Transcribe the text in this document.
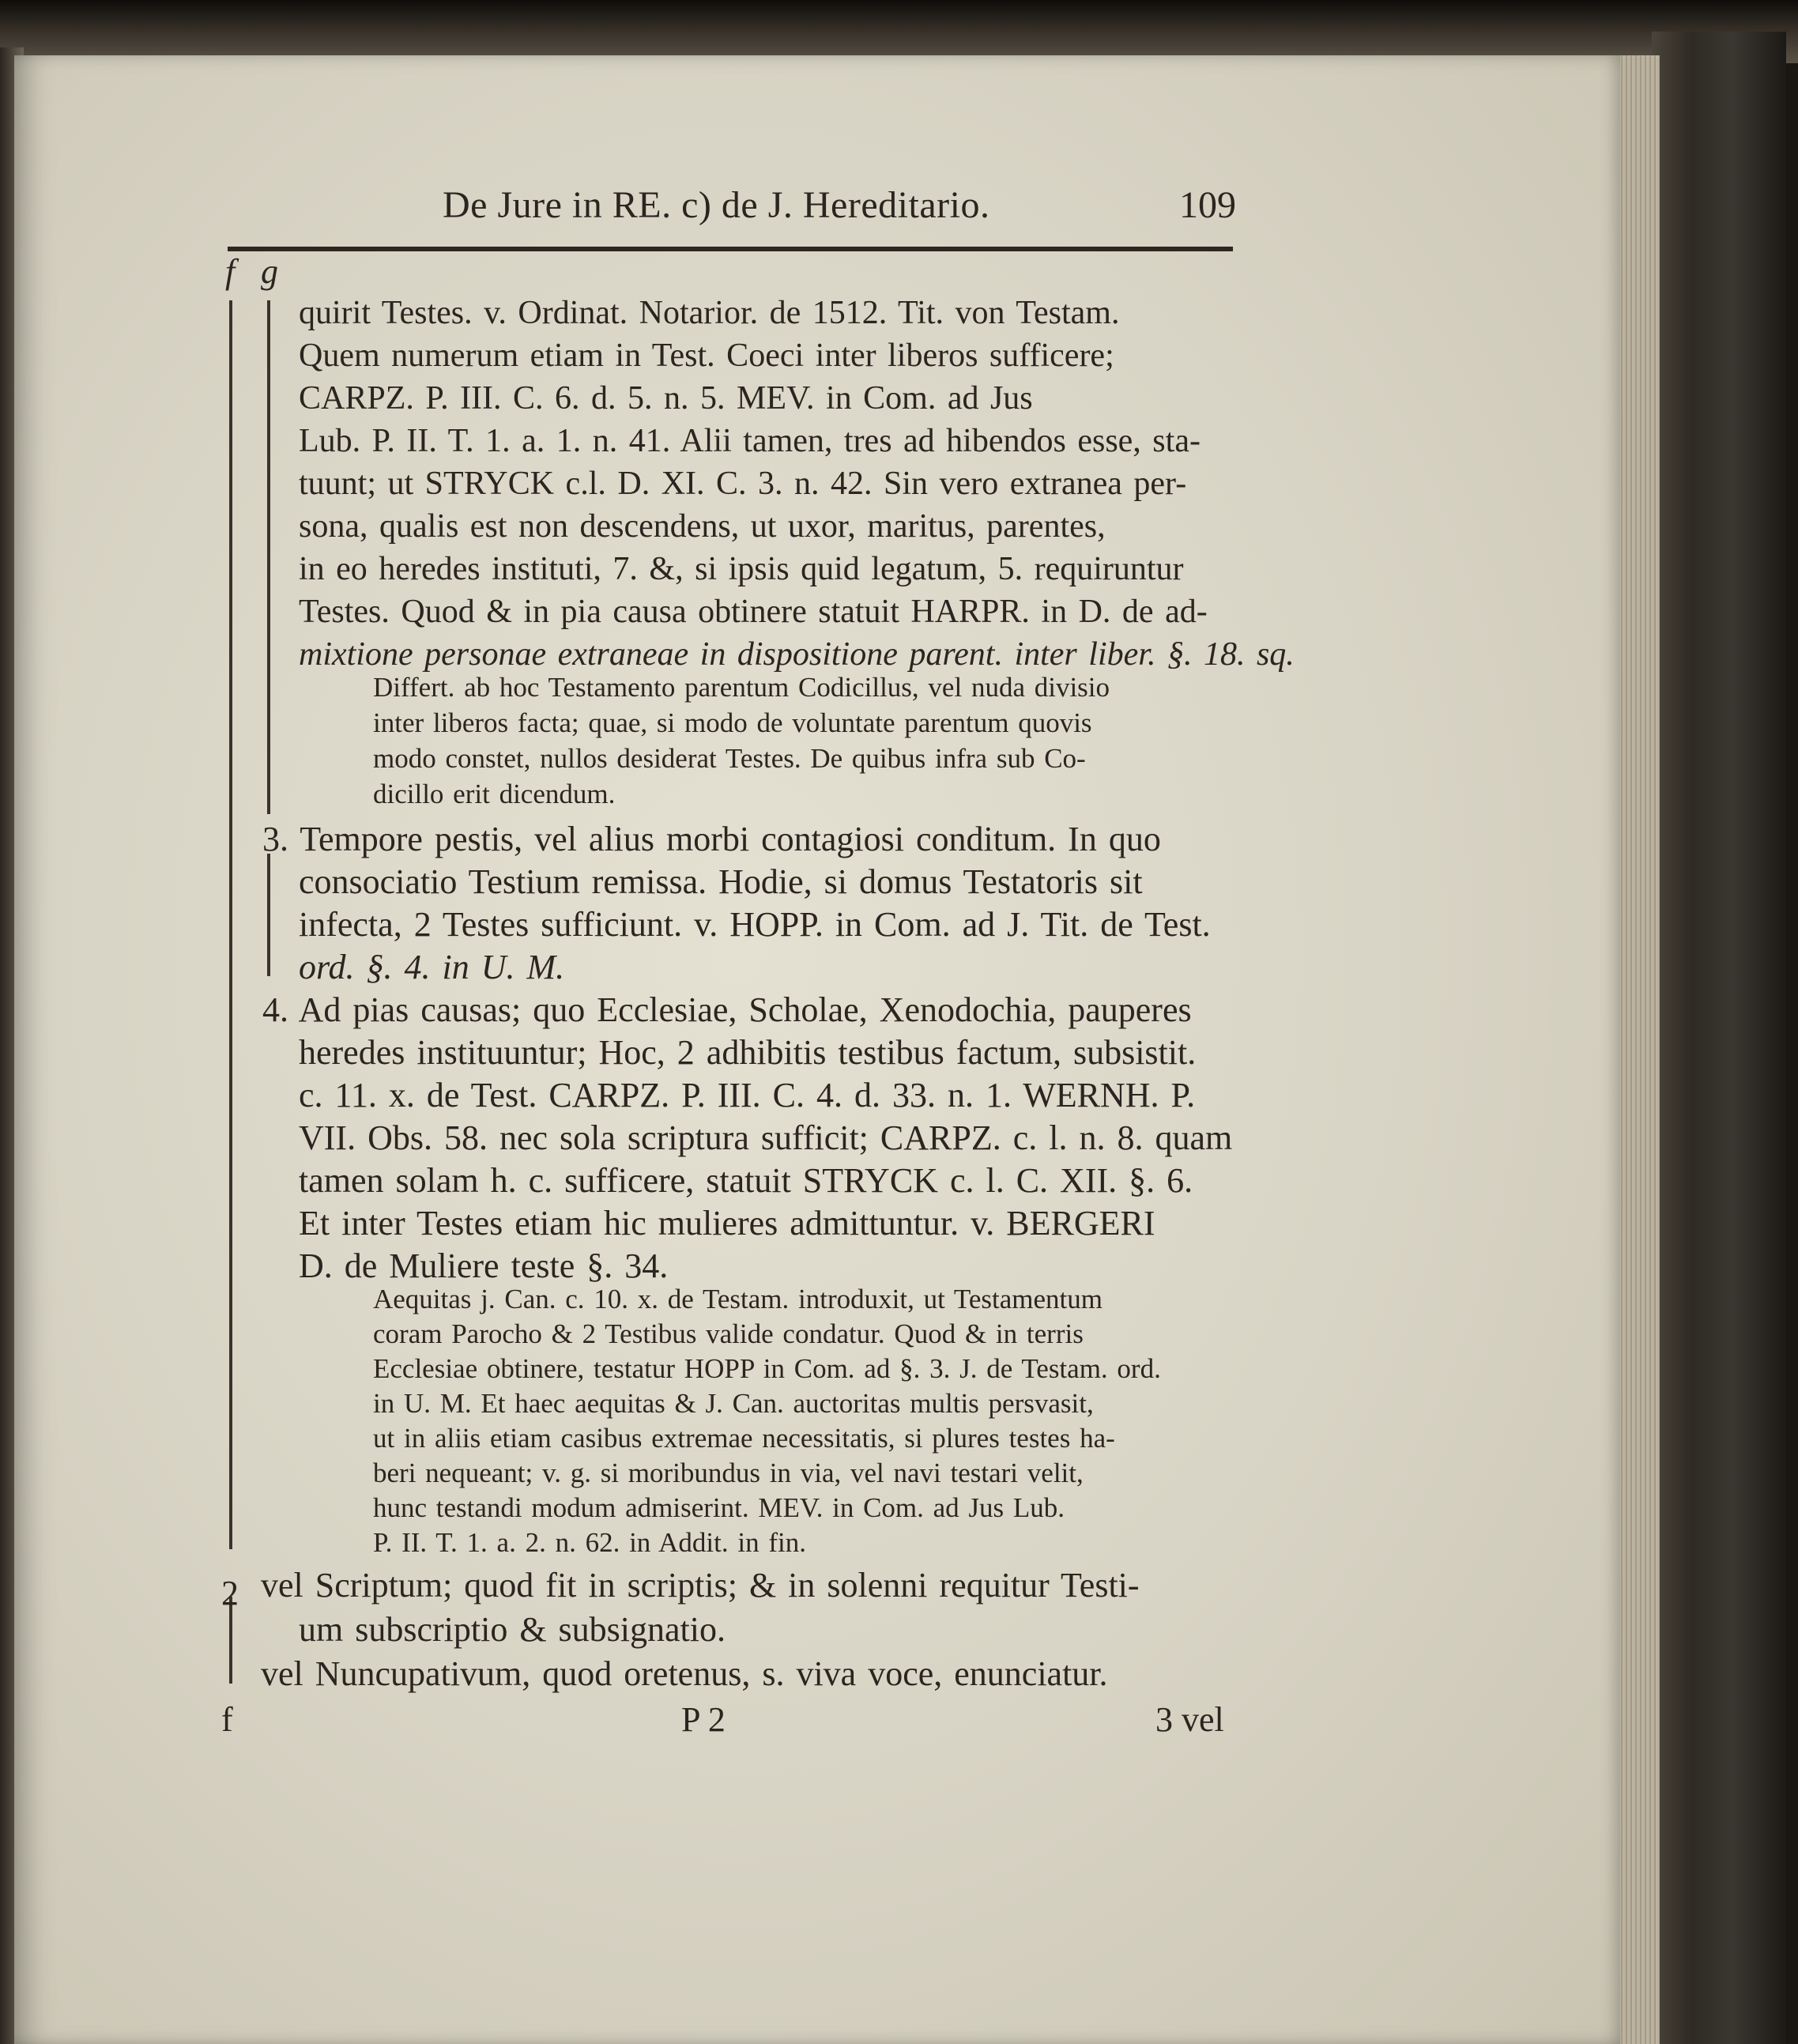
De Jure in RE. c) de J. Hereditario.	109
f g
quirit Testes. v. Ordinat. Notarior. de 1512. Tit. von Testam.
Quem numerum etiam in Test. Coeci inter liberos sufficere;
CARPZ. P. III. C. 6. d. 5. n. 5. MEV. in Com. ad Jus
Lub. P. II. T. 1. a. 1. n. 41. Alii tamen, tres ad hibendos esse, sta-
tuunt; ut STRYCK c.l. D. XI. C. 3. n. 42. Sin vero extranea per-
sona, qualis est non descendens, ut uxor, maritus, parentes,
in eo heredes instituti, 7. &, si ipsis quid legatum, 5. requiruntur
Testes. Quod & in pia causa obtinere statuit HARPR. in D. de ad-
mixtione personae extraneae in dispositione parent. inter liber. §. 18. sq.
Differt. ab hoc Testamento parentum Codicillus, vel nuda divisio
inter liberos facta; quae, si modo de voluntate parentum quovis
modo constet, nullos desiderat Testes. De quibus infra sub Co-
dicillo erit dicendum.
3. Tempore pestis, vel alius morbi contagiosi conditum. In quo
consociatio Testium remissa. Hodie, si domus Testatoris sit
infecta, 2 Testes sufficiunt. v. HOPP. in Com. ad J. Tit. de Test.
ord. §. 4. in U. M.
4. Ad pias causas; quo Ecclesiae, Scholae, Xenodochia, pauperes
heredes instituuntur; Hoc, 2 adhibitis testibus factum, subsistit.
c. 11. x. de Test. CARPZ. P. III. C. 4. d. 33. n. 1. WERNH. P.
VII. Obs. 58. nec sola scriptura sufficit; CARPZ. c. l. n. 8. quam
tamen solam h. c. sufficere, statuit STRYCK c. l. C. XII. §. 6.
Et inter Testes etiam hic mulieres admittuntur. v. BERGERI
D. de Muliere teste §. 34.
Aequitas j. Can. c. 10. x. de Testam. introduxit, ut Testamentum
coram Parocho & 2 Testibus valide condatur. Quod & in terris
Ecclesiae obtinere, testatur HOPP in Com. ad §. 3. J. de Testam. ord.
in U. M. Et haec aequitas & J. Can. auctoritas multis persvasit,
ut in aliis etiam casibus extremae necessitatis, si plures testes ha-
beri nequeant; v. g. si moribundus in via, vel navi testari velit,
hunc testandi modum admiserint. MEV. in Com. ad Jus Lub.
P. II. T. 1. a. 2. n. 62. in Addit. in fin.
2 vel Scriptum; quod fit in scriptis; & in solenni requitur Testi-
um subscriptio & subsignatio.
vel Nuncupativum, quod oretenus, s. viva voce, enunciatur.
f	P 2	3 vel
